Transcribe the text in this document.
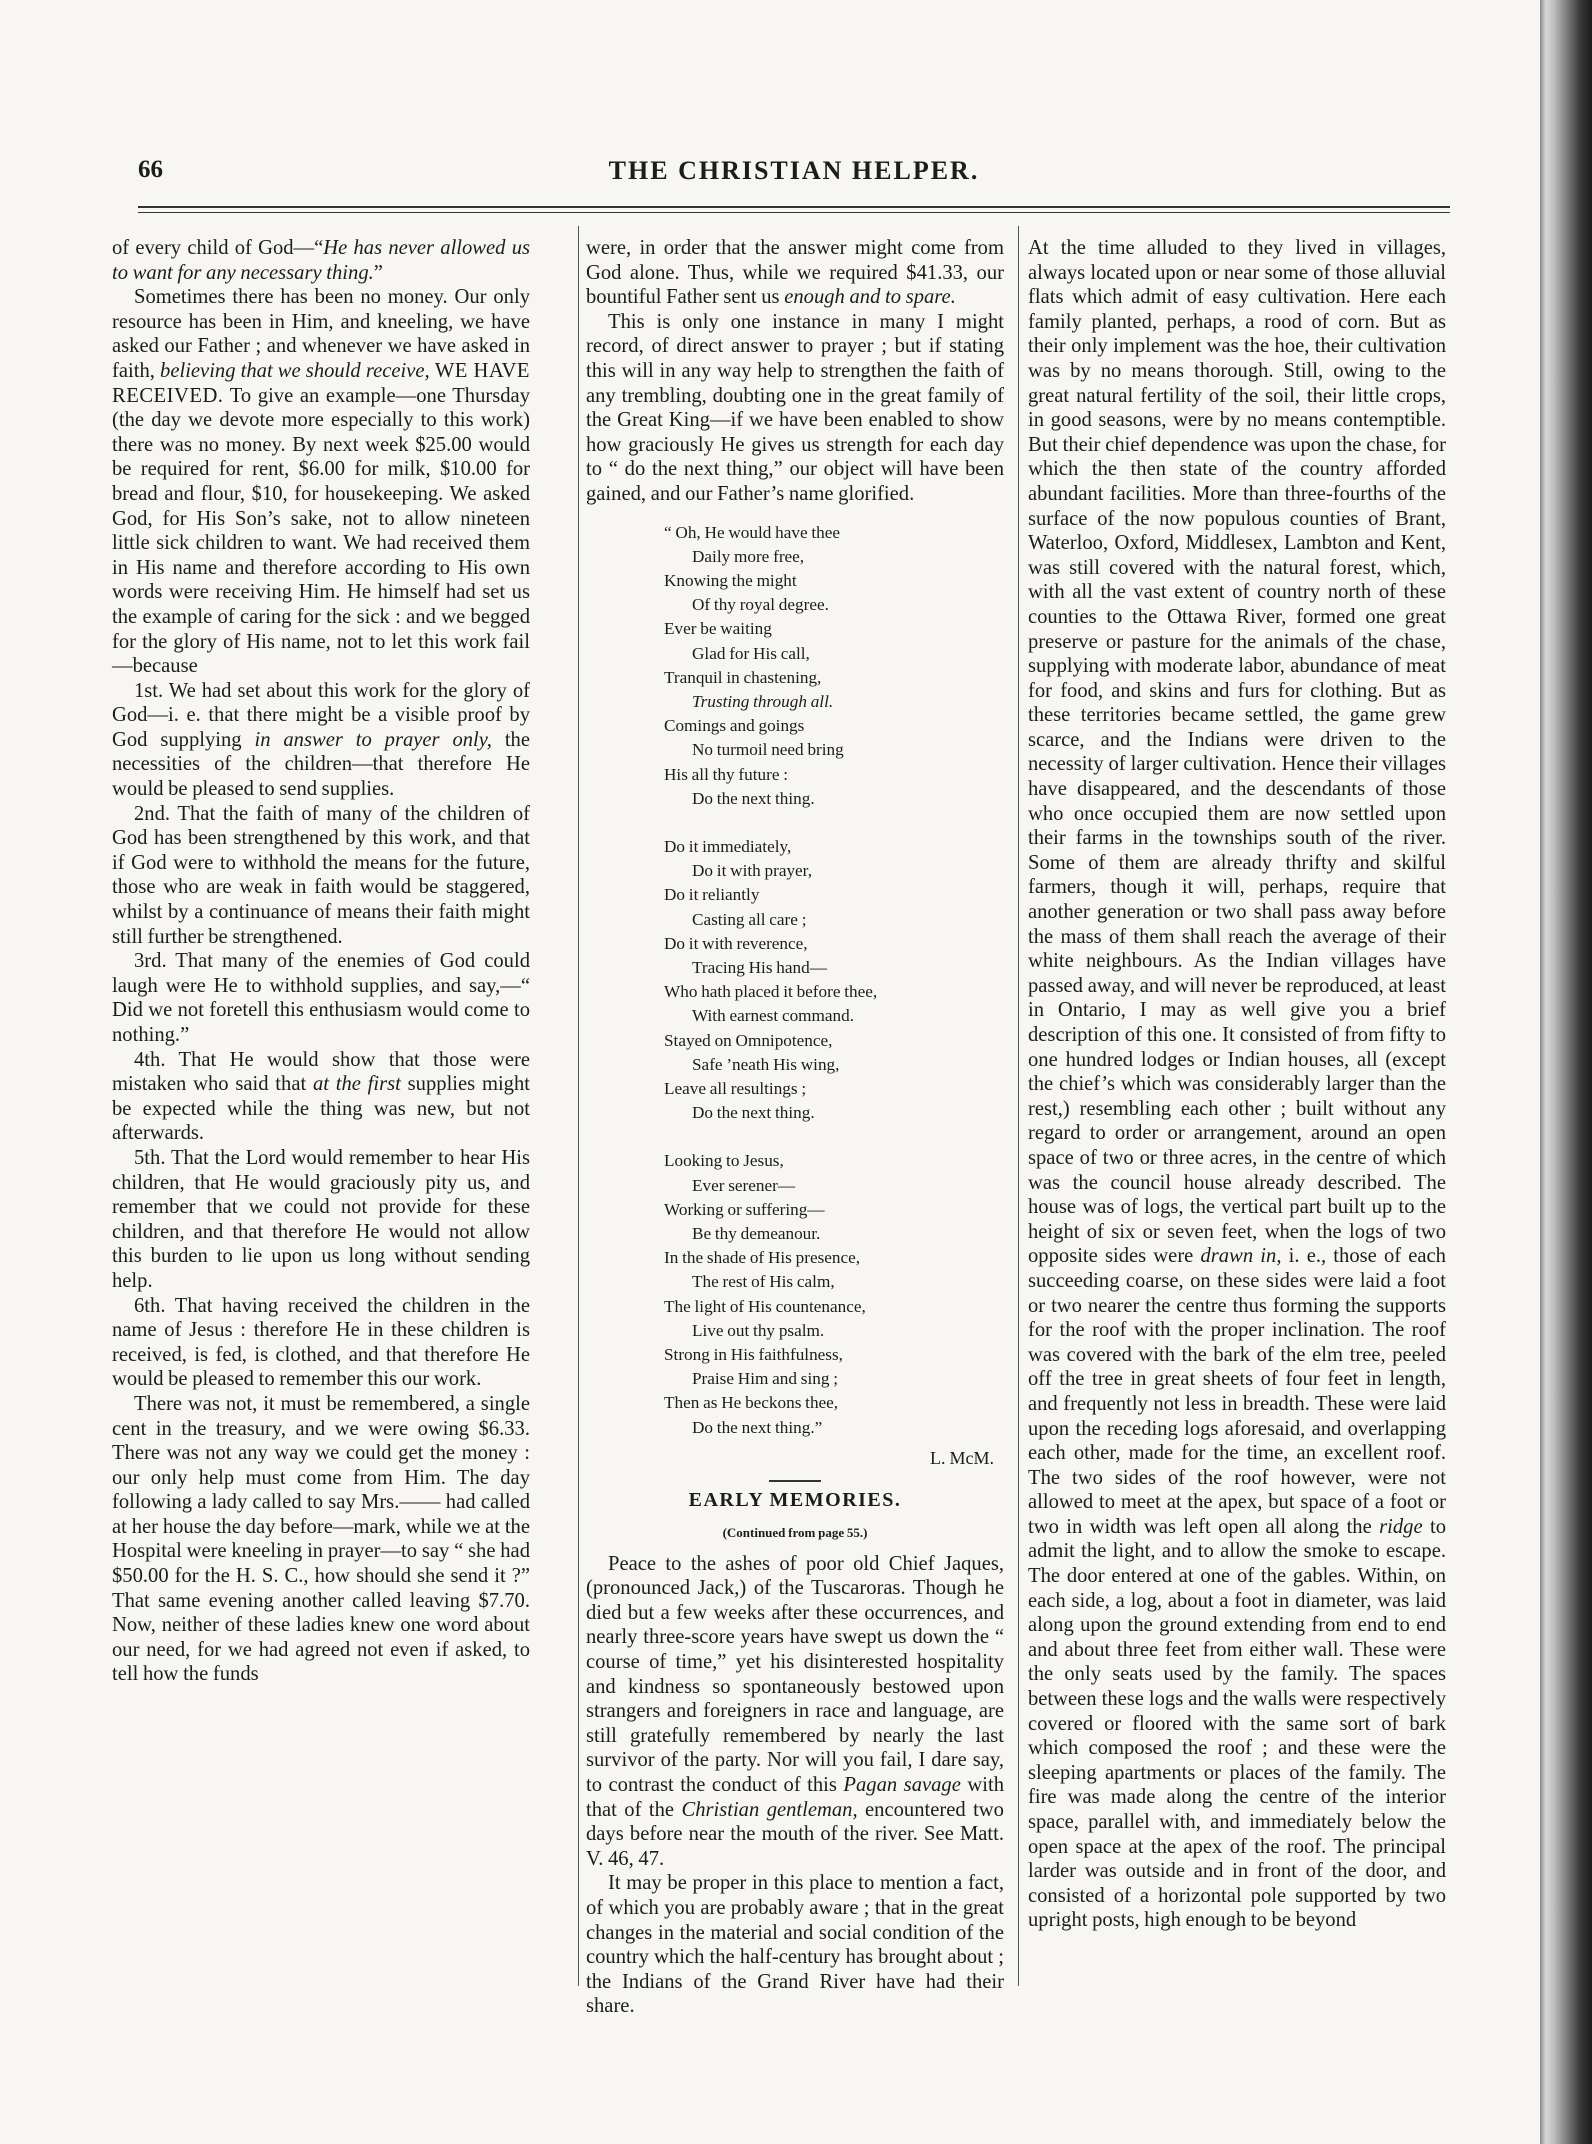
66	THE CHRISTIAN HELPER.

of every child of God—“He has never allowed us to want for any necessary thing.”

Sometimes there has been no money. Our only resource has been in Him, and kneeling, we have asked our Father ; and whenever we have asked in faith, believing that we should receive, WE HAVE RECEIVED. To give an example—one Thursday (the day we devote more especially to this work) there was no money. By next week $25.00 would be required for rent, $6.00 for milk, $10.00 for bread and flour, $10, for housekeeping. We asked God, for His Son’s sake, not to allow nineteen little sick children to want. We had received them in His name and therefore according to His own words were receiving Him. He himself had set us the example of caring for the sick : and we begged for the glory of His name, not to let this work fail—because

1st. We had set about this work for the glory of God—i. e. that there might be a visible proof by God supplying in answer to prayer only, the necessities of the children—that therefore He would be pleased to send supplies.

2nd. That the faith of many of the children of God has been strengthened by this work, and that if God were to withhold the means for the future, those who are weak in faith would be staggered, whilst by a continuance of means their faith might still further be strengthened.

3rd. That many of the enemies of God could laugh were He to withhold supplies, and say,—“ Did we not foretell this enthusiasm would come to nothing.”

4th. That He would show that those were mistaken who said that at the first supplies might be expected while the thing was new, but not afterwards.

5th. That the Lord would remember to hear His children, that He would graciously pity us, and remember that we could not provide for these children, and that therefore He would not allow this burden to lie upon us long without sending help.

6th. That having received the children in the name of Jesus : therefore He in these children is received, is fed, is clothed, and that therefore He would be pleased to remember this our work.

There was not, it must be remembered, a single cent in the treasury, and we were owing $6.33. There was not any way we could get the money : our only help must come from Him. The day following a lady called to say Mrs.—— had called at her house the day before—mark, while we at the Hospital were kneeling in prayer—to say “ she had $50.00 for the H. S. C., how should she send it ?” That same evening another called leaving $7.70. Now, neither of these ladies knew one word about our need, for we had agreed not even if asked, to tell how the funds

were, in order that the answer might come from God alone. Thus, while we required $41.33, our bountiful Father sent us enough and to spare.

This is only one instance in many I might record, of direct answer to prayer ; but if stating this will in any way help to strengthen the faith of any trembling, doubting one in the great family of the Great King—if we have been enabled to show how graciously He gives us strength for each day to “ do the next thing,” our object will have been gained, and our Father’s name glorified.

“ Oh, He would have thee
Daily more free,
Knowing the might
Of thy royal degree.
Ever be waiting
Glad for His call,
Tranquil in chastening,
Trusting through all.
Comings and goings
No turmoil need bring
His all thy future :
Do the next thing.
Do it immediately,
Do it with prayer,
Do it reliantly
Casting all care ;
Do it with reverence,
Tracing His hand—
Who hath placed it before thee,
With earnest command.
Stayed on Omnipotence,
Safe ’neath His wing,
Leave all resultings ;
Do the next thing.
Looking to Jesus,
Ever serener—
Working or suffering—
Be thy demeanour.
In the shade of His presence,
The rest of His calm,
The light of His countenance,
Live out thy psalm.
Strong in His faithfulness,
Praise Him and sing ;
Then as He beckons thee,
Do the next thing.”
L. McM.
EARLY MEMORIES.
(Continued from page 55.)

Peace to the ashes of poor old Chief Jaques, (pronounced Jack,) of the Tuscaroras. Though he died but a few weeks after these occurrences, and nearly three-score years have swept us down the “ course of time,” yet his disinterested hospitality and kindness so spontaneously bestowed upon strangers and foreigners in race and language, are still gratefully remembered by nearly the last survivor of the party. Nor will you fail, I dare say, to contrast the conduct of this Pagan savage with that of the Christian gentleman, encountered two days before near the mouth of the river. See Matt. V. 46, 47.

It may be proper in this place to mention a fact, of which you are probably aware ; that in the great changes in the material and social condition of the country which the half-century has brought about ; the Indians of the Grand River have had their share.

At the time alluded to they lived in villages, always located upon or near some of those alluvial flats which admit of easy cultivation. Here each family planted, perhaps, a rood of corn. But as their only implement was the hoe, their cultivation was by no means thorough. Still, owing to the great natural fertility of the soil, their little crops, in good seasons, were by no means contemptible. But their chief dependence was upon the chase, for which the then state of the country afforded abundant facilities. More than three-fourths of the surface of the now populous counties of Brant, Waterloo, Oxford, Middlesex, Lambton and Kent, was still covered with the natural forest, which, with all the vast extent of country north of these counties to the Ottawa River, formed one great preserve or pasture for the animals of the chase, supplying with moderate labor, abundance of meat for food, and skins and furs for clothing. But as these territories became settled, the game grew scarce, and the Indians were driven to the necessity of larger cultivation. Hence their villages have disappeared, and the descendants of those who once occupied them are now settled upon their farms in the townships south of the river. Some of them are already thrifty and skilful farmers, though it will, perhaps, require that another generation or two shall pass away before the mass of them shall reach the average of their white neighbours. As the Indian villages have passed away, and will never be reproduced, at least in Ontario, I may as well give you a brief description of this one. It consisted of from fifty to one hundred lodges or Indian houses, all (except the chief’s which was considerably larger than the rest,) resembling each other ; built without any regard to order or arrangement, around an open space of two or three acres, in the centre of which was the council house already described. The house was of logs, the vertical part built up to the height of six or seven feet, when the logs of two opposite sides were drawn in, i. e., those of each succeeding coarse, on these sides were laid a foot or two nearer the centre thus forming the supports for the roof with the proper inclination. The roof was covered with the bark of the elm tree, peeled off the tree in great sheets of four feet in length, and frequently not less in breadth. These were laid upon the receding logs aforesaid, and overlapping each other, made for the time, an excellent roof. The two sides of the roof however, were not allowed to meet at the apex, but space of a foot or two in width was left open all along the ridge to admit the light, and to allow the smoke to escape. The door entered at one of the gables. Within, on each side, a log, about a foot in diameter, was laid along upon the ground extending from end to end and about three feet from either wall. These were the only seats used by the family. The spaces between these logs and the walls were respectively covered or floored with the same sort of bark which composed the roof ; and these were the sleeping apartments or places of the family. The fire was made along the centre of the interior space, parallel with, and immediately below the open space at the apex of the roof. The principal larder was outside and in front of the door, and consisted of a horizontal pole supported by two upright posts, high enough to be beyond
